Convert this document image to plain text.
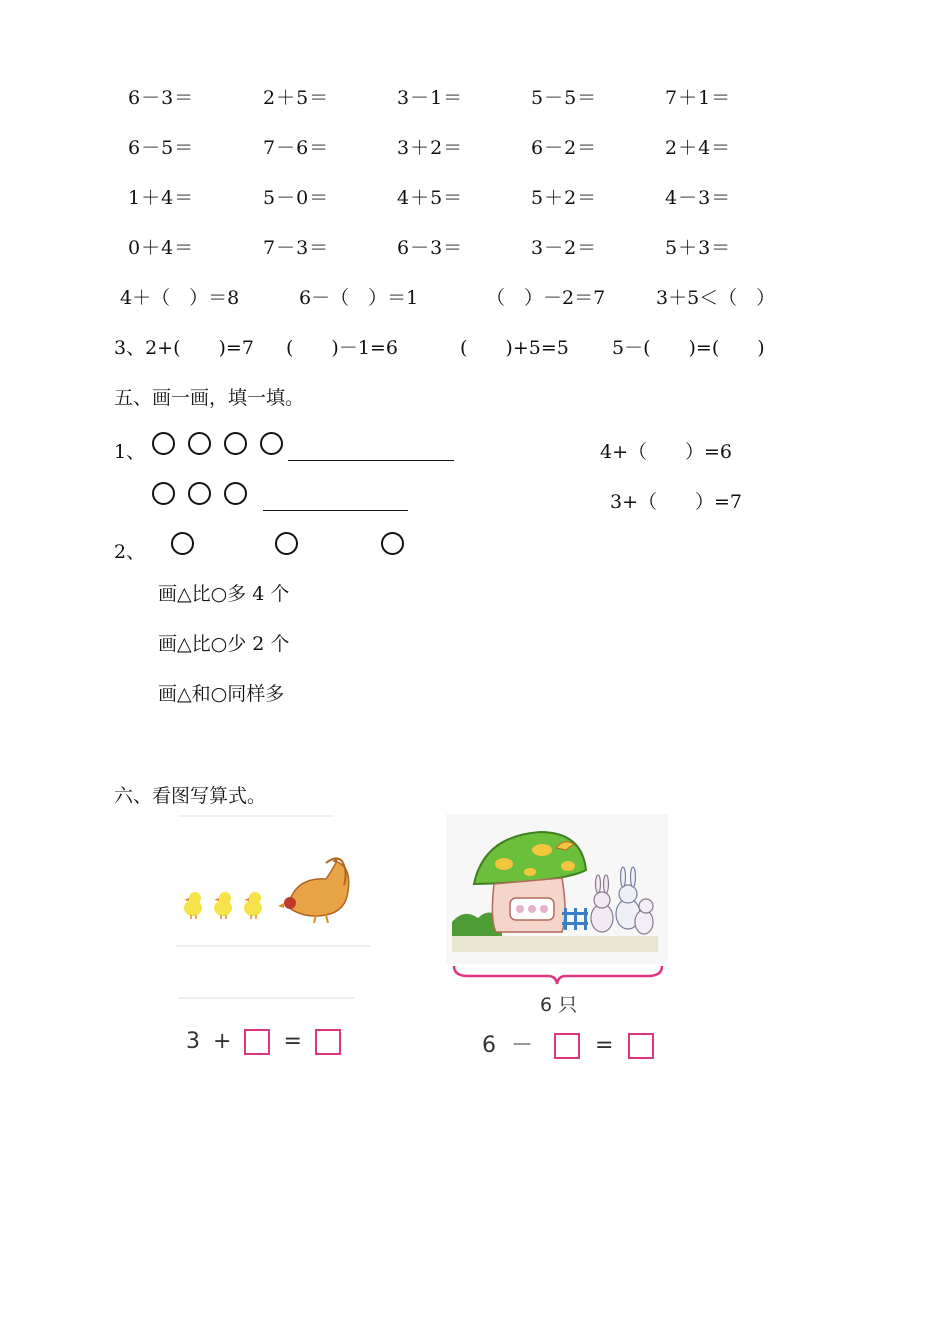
6－3＝	2＋5＝	3－1＝	5－5＝	7＋1＝
6－5＝	7－6＝	3＋2＝	6－2＝	2＋4＝
1＋4＝	5－0＝	4＋5＝	5＋2＝	4－3＝
0＋4＝	7－3＝	6－3＝	3－2＝	5＋3＝
4＋（　）＝8	6－（　）＝1	（　）－2＝7	3＋5＜（　）
3、2+(　　)=7 (　　)－1=6	(　　)+5=5 5－(　　)=(　　)
五、画一画，填一填。
1、
	4+（　　）=6

3+（　　）=7
2、
画△比○多 4 个
画△比○少 2 个
画△和○同样多
六、看图写算式。
3 + =
6 只
6 －	=
